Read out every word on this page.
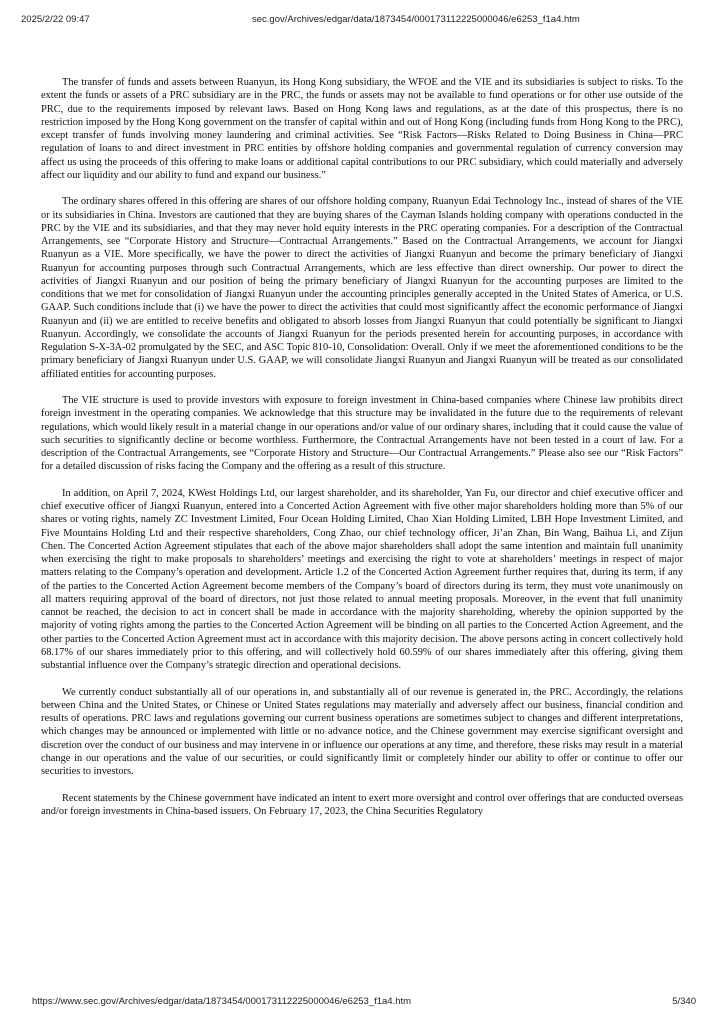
2025/2/22 09:47	sec.gov/Archives/edgar/data/1873454/000173112225000046/e6253_f1a4.htm

The transfer of funds and assets between Ruanyun, its Hong Kong subsidiary, the WFOE and the VIE and its subsidiaries is subject to risks. To the extent the funds or assets of a PRC subsidiary are in the PRC, the funds or assets may not be available to fund operations or for other use outside of the PRC, due to the requirements imposed by relevant laws. Based on Hong Kong laws and regulations, as at the date of this prospectus, there is no restriction imposed by the Hong Kong government on the transfer of capital within and out of Hong Kong (including funds from Hong Kong to the PRC), except transfer of funds involving money laundering and criminal activities. See “Risk Factors—Risks Related to Doing Business in China—PRC regulation of loans to and direct investment in PRC entities by offshore holding companies and governmental regulation of currency conversion may affect us using the proceeds of this offering to make loans or additional capital contributions to our PRC subsidiary, which could materially and adversely affect our liquidity and our ability to fund and expand our business.”

The ordinary shares offered in this offering are shares of our offshore holding company, Ruanyun Edai Technology Inc., instead of shares of the VIE or its subsidiaries in China. Investors are cautioned that they are buying shares of the Cayman Islands holding company with operations conducted in the PRC by the VIE and its subsidiaries, and that they may never hold equity interests in the PRC operating companies. For a description of the Contractual Arrangements, see “Corporate History and Structure—Contractual Arrangements.” Based on the Contractual Arrangements, we account for Jiangxi Ruanyun as a VIE. More specifically, we have the power to direct the activities of Jiangxi Ruanyun and become the primary beneficiary of Jiangxi Ruanyun for accounting purposes through such Contractual Arrangements, which are less effective than direct ownership. Our power to direct the activities of Jiangxi Ruanyun and our position of being the primary beneficiary of Jiangxi Ruanyun for the accounting purposes are limited to the conditions that we met for consolidation of Jiangxi Ruanyun under the accounting principles generally accepted in the United States of America, or U.S. GAAP. Such conditions include that (i) we have the power to direct the activities that could most significantly affect the economic performance of Jiangxi Ruanyun and (ii) we are entitled to receive benefits and obligated to absorb losses from Jiangxi Ruanyun that could potentially be significant to Jiangxi Ruanyun. Accordingly, we consolidate the accounts of Jiangxi Ruanyun for the periods presented herein for accounting purposes, in accordance with Regulation S-X-3A-02 promulgated by the SEC, and ASC Topic 810-10, Consolidation: Overall. Only if we meet the aforementioned conditions to be the primary beneficiary of Jiangxi Ruanyun under U.S. GAAP, we will consolidate Jiangxi Ruanyun and Jiangxi Ruanyun will be treated as our consolidated affiliated entities for accounting purposes.

The VIE structure is used to provide investors with exposure to foreign investment in China-based companies where Chinese law prohibits direct foreign investment in the operating companies. We acknowledge that this structure may be invalidated in the future due to the requirements of relevant regulations, which would likely result in a material change in our operations and/or value of our ordinary shares, including that it could cause the value of such securities to significantly decline or become worthless. Furthermore, the Contractual Arrangements have not been tested in a court of law. For a description of the Contractual Arrangements, see “Corporate History and Structure—Our Contractual Arrangements.” Please also see our “Risk Factors” for a detailed discussion of risks facing the Company and the offering as a result of this structure.

In addition, on April 7, 2024, KWest Holdings Ltd, our largest shareholder, and its shareholder, Yan Fu, our director and chief executive officer and chief executive officer of Jiangxi Ruanyun, entered into a Concerted Action Agreement with five other major shareholders holding more than 5% of our shares or voting rights, namely ZC Investment Limited, Four Ocean Holding Limited, Chao Xian Holding Limited, LBH Hope Investment Limited, and Five Mountains Holding Ltd and their respective shareholders, Cong Zhao, our chief technology officer, Ji’an Zhan, Bin Wang, Baihua Li, and Zijun Chen. The Concerted Action Agreement stipulates that each of the above major shareholders shall adopt the same intention and maintain full unanimity when exercising the right to make proposals to shareholders’ meetings and exercising the right to vote at shareholders’ meetings in respect of major matters relating to the Company’s operation and development. Article 1.2 of the Concerted Action Agreement further requires that, during its term, if any of the parties to the Concerted Action Agreement become members of the Company’s board of directors during its term, they must vote unanimously on all matters requiring approval of the board of directors, not just those related to annual meeting proposals. Moreover, in the event that full unanimity cannot be reached, the decision to act in concert shall be made in accordance with the majority shareholding, whereby the opinion supported by the majority of voting rights among the parties to the Concerted Action Agreement will be binding on all parties to the Concerted Action Agreement, and the other parties to the Concerted Action Agreement must act in accordance with this majority decision. The above persons acting in concert collectively hold 68.17% of our shares immediately prior to this offering, and will collectively hold 60.59% of our shares immediately after this offering, giving them substantial influence over the Company’s strategic direction and operational decisions.

We currently conduct substantially all of our operations in, and substantially all of our revenue is generated in, the PRC. Accordingly, the relations between China and the United States, or Chinese or United States regulations may materially and adversely affect our business, financial condition and results of operations. PRC laws and regulations governing our current business operations are sometimes subject to changes and different interpretations, which changes may be announced or implemented with little or no advance notice, and the Chinese government may exercise significant oversight and discretion over the conduct of our business and may intervene in or influence our operations at any time, and therefore, these risks may result in a material change in our operations and the value of our securities, or could significantly limit or completely hinder our ability to offer or continue to offer our securities to investors.

Recent statements by the Chinese government have indicated an intent to exert more oversight and control over offerings that are conducted overseas and/or foreign investments in China-based issuers. On February 17, 2023, the China Securities Regulatory

https://www.sec.gov/Archives/edgar/data/1873454/000173112225000046/e6253_f1a4.htm	5/340
